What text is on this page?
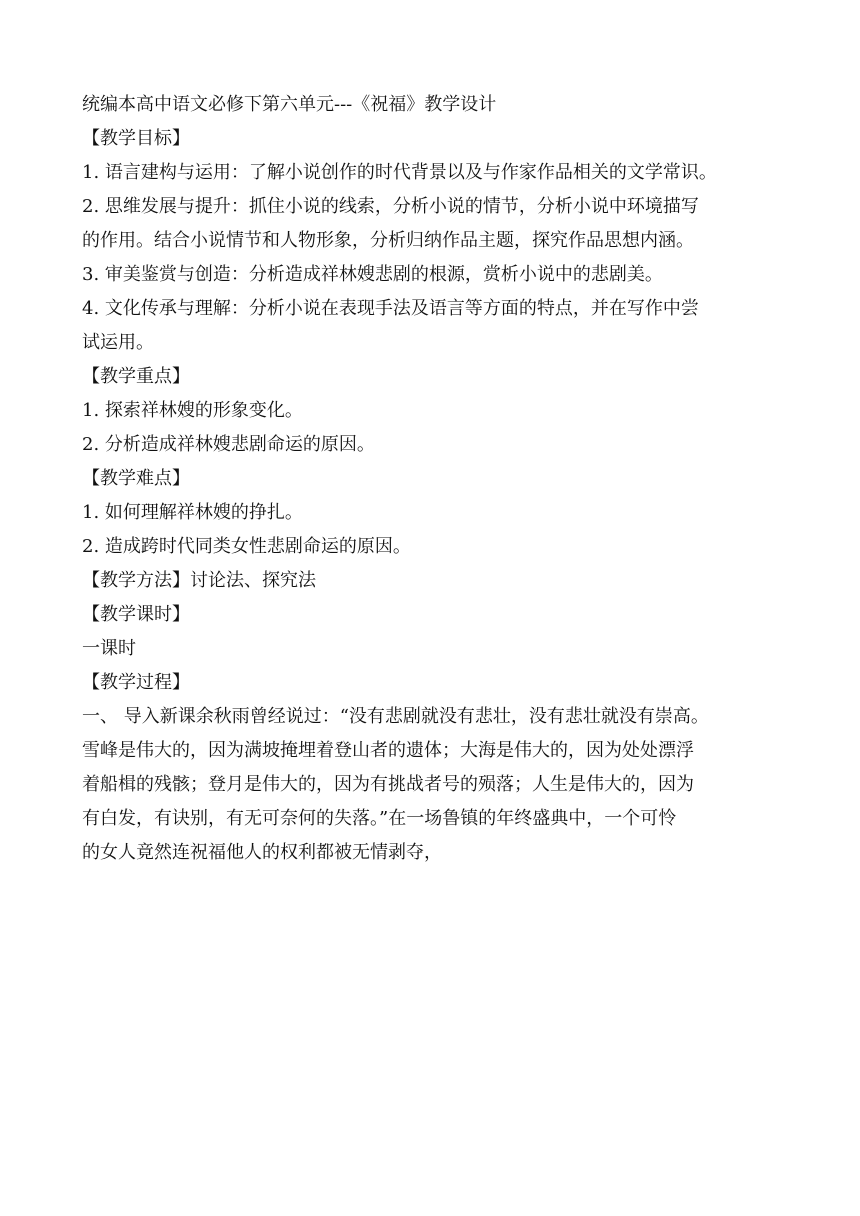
统编本高中语文必修下第六单元---《祝福》教学设计

【教学目标】

1. 语言建构与运用：了解小说创作的时代背景以及与作家作品相关的文学常识。

2. 思维发展与提升：抓住小说的线索，分析小说的情节，分析小说中环境描写

的作用。结合小说情节和人物形象，分析归纳作品主题，探究作品思想内涵。

3. 审美鉴赏与创造：分析造成祥林嫂悲剧的根源，赏析小说中的悲剧美。

4. 文化传承与理解：分析小说在表现手法及语言等方面的特点，并在写作中尝

试运用。

【教学重点】

1. 探索祥林嫂的形象变化。

2. 分析造成祥林嫂悲剧命运的原因。

【教学难点】

1. 如何理解祥林嫂的挣扎。

2. 造成跨时代同类女性悲剧命运的原因。

【教学方法】讨论法、探究法

【教学课时】

一课时

【教学过程】

一、 导入新课余秋雨曾经说过：“没有悲剧就没有悲壮，没有悲壮就没有崇高。

雪峰是伟大的，因为满坡掩埋着登山者的遗体；大海是伟大的，因为处处漂浮

着船楫的残骸；登月是伟大的，因为有挑战者号的殒落；人生是伟大的，因为

有白发，有诀别，有无可奈何的失落。”在一场鲁镇的年终盛典中，一个可怜

的女人竟然连祝福他人的权利都被无情剥夺，
